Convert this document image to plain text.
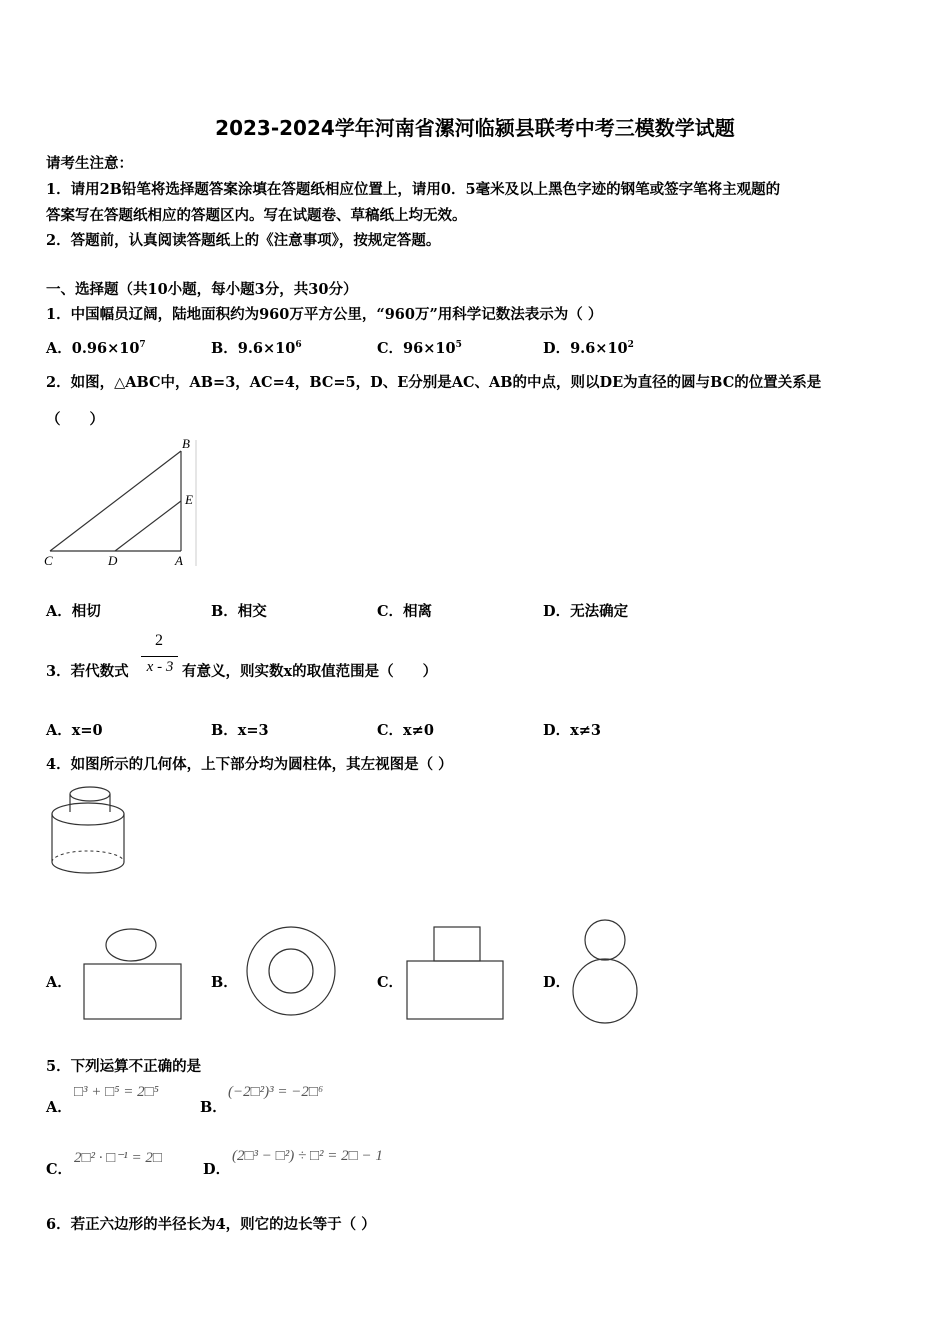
2023-2024学年河南省漯河临颍县联考中考三模数学试题
请考生注意：
1．请用2B铅笔将选择题答案涂填在答题纸相应位置上，请用0．5毫米及以上黑色字迹的钢笔或签字笔将主观题的
答案写在答题纸相应的答题区内。写在试题卷、草稿纸上均无效。
2．答题前，认真阅读答题纸上的《注意事项》，按规定答题。
一、选择题（共10小题，每小题3分，共30分）
1．中国幅员辽阔，陆地面积约为960万平方公里，“960万”用科学记数法表示为（ ）
A．$0.96\times 10^7$	B．$9.6\times 10^6$	C．$96\times 10^5$	D．$9.6\times 10^2$
2．如图，△ABC中，AB=3，AC=4，BC=5，D、E分别是AC、AB的中点，则以DE为直径的圆与BC的位置关系是
（　　）
B
E
C	D	A
A．相切	B．相交	C．相离	D．无法确定
3．若代数式
2
x - 3 有意义，则实数x的取值范围是（　　）
A．x=0	B．x=3	C．x≠0	D．x≠3
4．如图所示的几何体，上下部分均为圆柱体，其左视图是（ ）
A．	B．	C．	D．
5．下列运算不正确的是
A．
□³ + □⁵ = 2□⁵
B．
(−2□²)³ = −2□⁶
C．
2□² · □⁻¹ = 2□
D．
(2□³ − □²) ÷ □² = 2□ − 1
6．若正六边形的半径长为4，则它的边长等于（ ）
